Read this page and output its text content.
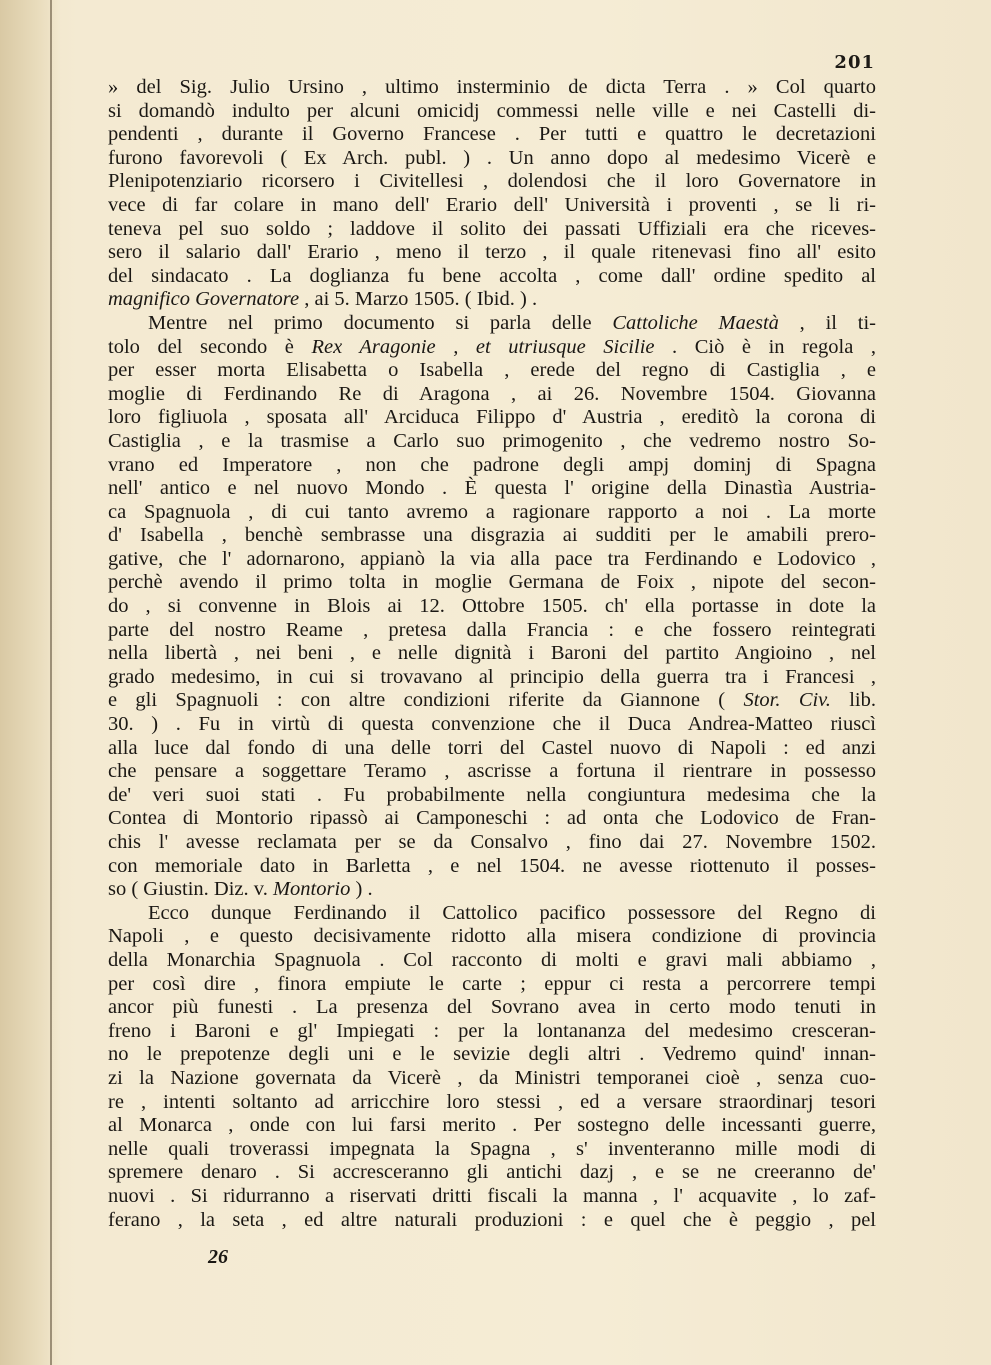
201
» del Sig. Julio Ursino , ultimo insterminio de dicta Terra . » Col quarto
si domandò indulto per alcuni omicidj commessi nelle ville e nei Castelli di-
pendenti , durante il Governo Francese . Per tutti e quattro le decretazioni
furono favorevoli ( Ex Arch. publ. ) . Un anno dopo al medesimo Vicerè e
Plenipotenziario ricorsero i Civitellesi , dolendosi che il loro Governatore in
vece di far colare in mano dell' Erario dell' Università i proventi , se li ri-
teneva pel suo soldo ; laddove il solito dei passati Uffiziali era che riceves-
sero il salario dall' Erario , meno il terzo , il quale ritenevasi fino all' esito
del sindacato . La doglianza fu bene accolta , come dall' ordine spedito al
magnifico Governatore , ai 5. Marzo 1505. ( Ibid. ) .
Mentre nel primo documento si parla delle Cattoliche Maestà , il ti-
tolo del secondo è Rex Aragonie , et utriusque Sicilie . Ciò è in regola ,
per esser morta Elisabetta o Isabella , erede del regno di Castiglia , e
moglie di Ferdinando Re di Aragona , ai 26. Novembre 1504. Giovanna
loro figliuola , sposata all' Arciduca Filippo d' Austria , ereditò la corona di
Castiglia , e la trasmise a Carlo suo primogenito , che vedremo nostro So-
vrano ed Imperatore , non che padrone degli ampj dominj di Spagna
nell' antico e nel nuovo Mondo . È questa l' origine della Dinastìa Austria-
ca Spagnuola , di cui tanto avremo a ragionare rapporto a noi . La morte
d' Isabella , benchè sembrasse una disgrazia ai sudditi per le amabili prero-
gative, che l' adornarono, appianò la via alla pace tra Ferdinando e Lodovico ,
perchè avendo il primo tolta in moglie Germana de Foix , nipote del secon-
do , si convenne in Blois ai 12. Ottobre 1505. ch' ella portasse in dote la
parte del nostro Reame , pretesa dalla Francia : e che fossero reintegrati
nella libertà , nei beni , e nelle dignità i Baroni del partito Angioino , nel
grado medesimo, in cui si trovavano al principio della guerra tra i Francesi ,
e gli Spagnuoli : con altre condizioni riferite da Giannone ( Stor. Civ. lib.
30. ) . Fu in virtù di questa convenzione che il Duca Andrea-Matteo riuscì
alla luce dal fondo di una delle torri del Castel nuovo di Napoli : ed anzi
che pensare a soggettare Teramo , ascrisse a fortuna il rientrare in possesso
de' veri suoi stati . Fu probabilmente nella congiuntura medesima che la
Contea di Montorio ripassò ai Camponeschi : ad onta che Lodovico de Fran-
chis l' avesse reclamata per se da Consalvo , fino dai 27. Novembre 1502.
con memoriale dato in Barletta , e nel 1504. ne avesse riottenuto il posses-
so ( Giustin. Diz. v. Montorio ) .
Ecco dunque Ferdinando il Cattolico pacifico possessore del Regno di
Napoli , e questo decisivamente ridotto alla misera condizione di provincia
della Monarchia Spagnuola . Col racconto di molti e gravi mali abbiamo ,
per così dire , finora empiute le carte ; eppur ci resta a percorrere tempi
ancor più funesti . La presenza del Sovrano avea in certo modo tenuti in
freno i Baroni e gl' Impiegati : per la lontananza del medesimo cresceran-
no le prepotenze degli uni e le sevizie degli altri . Vedremo quind' innan-
zi la Nazione governata da Vicerè , da Ministri temporanei cioè , senza cuo-
re , intenti soltanto ad arricchire loro stessi , ed a versare straordinarj tesori
al Monarca , onde con lui farsi merito . Per sostegno delle incessanti guerre,
nelle quali troverassi impegnata la Spagna , s' inventeranno mille modi di
spremere denaro . Si accresceranno gli antichi dazj , e se ne creeranno de'
nuovi . Si ridurranno a riservati dritti fiscali la manna , l' acquavite , lo zaf-
ferano , la seta , ed altre naturali produzioni : e quel che è peggio , pel
26
